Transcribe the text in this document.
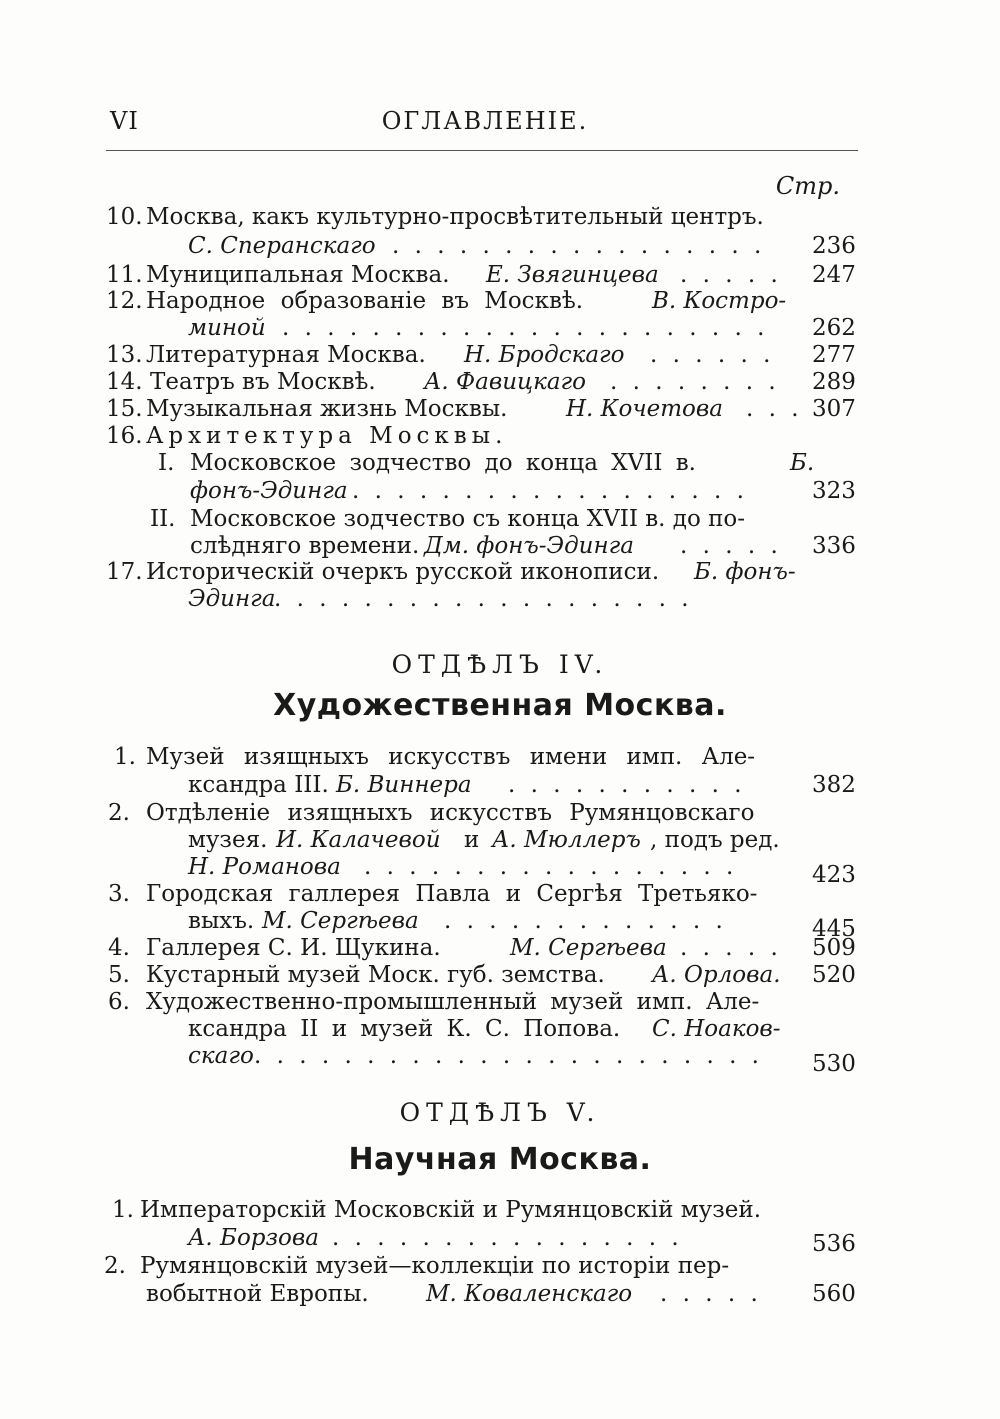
VI	ОГЛАВЛЕНIЕ.
Стр.
10. Москва, какъ культурно-просвѣтительный центръ.
С. Сперанскаго . . . . . . . . . . . . . . . . . 236
11. Муниципальная Москва. Е. Звягинцева . . . . . 247
12. Народное образованiе въ Москвѣ.	В. Костро-
миной . . . . . . . . . . . . . . . . . . . . . . 262
13. Литературная Москва. Н. Бродскаго . . . . . . 277
14. Театръ въ Москвѣ. А. Фавицкаго . . . . . . . . 289
15. Музыкальная жизнь Москвы.	Н. Кочетова . . . 307
16. Архитектура Москвы.
I. Московское зодчество до конца XVII в.	Б.
фонъ-Эдинга . . . . . . . . . . . . . . . . . .	323
II. Московское зодчество съ конца XVII в. до по-
слѣдняго времени. Дм. фонъ-Эдинга . . . . . 336
17. Историческiй очеркъ русской иконописи. Б. фонъ-
Эдинга
. . . . . . . . . . . . . . . . . . .
ОТДѢЛЪ IV.
Художественная Москва.
1. Музей изящныхъ искусствъ имени имп. Але-
ксандра III. Б. Виннера . . . . . . . . . . .	382
2. Отдѣленiе изящныхъ искусствъ Румянцовскаго
музея. И. Калачевой и А. Мюллеръ , подъ ред.
Н. Романова . . . . . . . . . . . . . . . . .	423
3. Городская галлерея Павла и Сергѣя Третьяко-
выхъ. М. Сергѣева . . . . . . . . . . . . .	445
4. Галлерея С. И. Щукина.	М. Сергѣева . . . . . 509
5. Кустарный музей Моск. губ. земства. А. Орлова. 520
6. Художественно-промышленный музей имп. Але-
ксандра II и музей К. С. Попова. С. Ноаков-
скаго . . . . . . . . . . . . . . . . . . . . . . . 530
ОТДѢЛЪ V.
Научная Москва.
1. Императорскiй Московскiй и Румянцовскiй музей.
А. Борзова . . . . . . . . . . . . . . . .	536
2. Румянцовскiй музей—коллекцiи по исторiи пер-
вобытной Европы. М. Коваленскаго . . . . . 560
